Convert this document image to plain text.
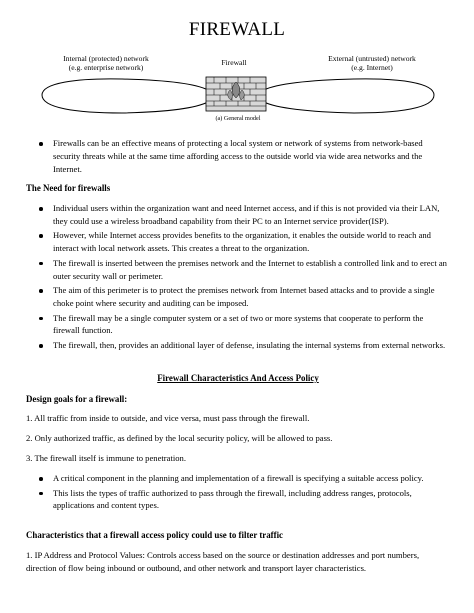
FIREWALL
Internal (protected) network
(e.g. enterprise network)
Firewall	External (untrusted) network
(e.g. Internet)
(a) General model
Firewalls can be an effective means of protecting a local system or network of systems from network-based security threats while at the same time affording access to the outside world via wide area networks and the Internet.
The Need for firewalls
Individual users within the organization want and need Internet access, and if this is not provided via their LAN, they could use a wireless broadband capability from their PC to an Internet service provider(ISP).
However, while Internet access provides benefits to the organization, it enables the outside world to reach and interact with local network assets. This creates a threat to the organization.
The firewall is inserted between the premises network and the Internet to establish a controlled link and to erect an outer security wall or perimeter.
The aim of this perimeter is to protect the premises network from Internet based attacks and to provide a single choke point where security and auditing can be imposed.
The firewall may be a single computer system or a set of two or more systems that cooperate to perform the firewall function.
The firewall, then, provides an additional layer of defense, insulating the internal systems from external networks.
Firewall Characteristics And Access Policy
Design goals for a firewall:

1. All traffic from inside to outside, and vice versa, must pass through the firewall.

2. Only authorized traffic, as defined by the local security policy, will be allowed to pass.

3. The firewall itself is immune to penetration.

A critical component in the planning and implementation of a firewall is specifying a suitable access policy.
This lists the types of traffic authorized to pass through the firewall, including address ranges, protocols, applications and content types.
Characteristics that a firewall access policy could use to filter traffic

1. IP Address and Protocol Values: Controls access based on the source or destination addresses and port numbers, direction of flow being inbound or outbound, and other network and transport layer characteristics.
